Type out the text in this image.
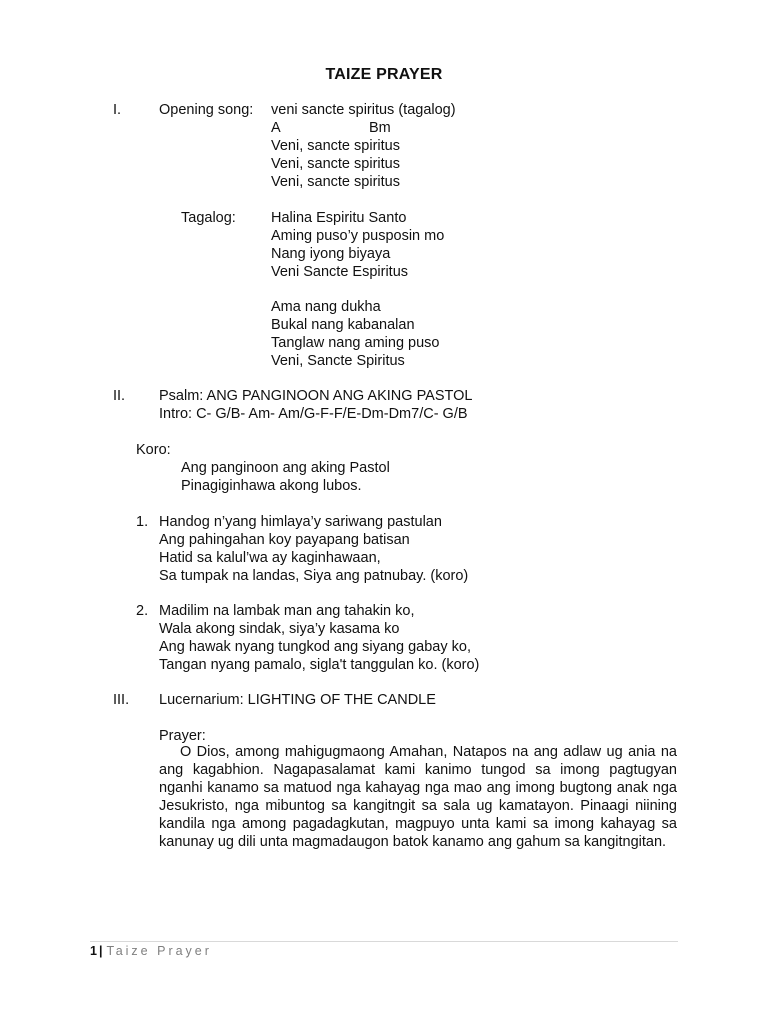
TAIZE PRAYER
I.	Opening song: veni sancte spiritus (tagalog)
A	Bm
Veni, sancte spiritus
Veni, sancte spiritus
Veni, sancte spiritus
Tagalog: Halina Espiritu Santo
Aming puso’y pusposin mo
Nang iyong biyaya
Veni Sancte Espiritus
Ama nang dukha
Bukal nang kabanalan
Tanglaw nang aming puso
Veni, Sancte Spiritus
II. Psalm: ANG PANGINOON ANG AKING PASTOL
Intro: C- G/B- Am- Am/G-F-F/E-Dm-Dm7/C- G/B
Koro:
Ang panginoon ang aking Pastol
Pinagiginhawa akong lubos.
1. Handog n’yang himlaya’y sariwang pastulan
Ang pahingahan koy payapang batisan
Hatid sa kalul’wa ay kaginhawaan,
Sa tumpak na landas, Siya ang patnubay. (koro)
2. Madilim na lambak man ang tahakin ko,
Wala akong sindak, siya’y kasama ko
Ang hawak nyang tungkod ang siyang gabay ko,
Tangan nyang pamalo, sigla't tanggulan ko. (koro)
III. Lucernarium: LIGHTING OF THE CANDLE
Prayer:
O Dios, among mahigugmaong Amahan, Natapos na ang adlaw ug ania na ang kagabhion. Nagapasalamat kami kanimo tungod sa imong pagtugyan nganhi kanamo sa matuod nga kahayag nga mao ang imong bugtong anak nga Jesukristo, nga mibuntog sa kangitngit sa sala ug kamatayon. Pinaagi niining kandila nga among pagadagkutan, magpuyo unta kami sa imong kahayag sa kanunay ug dili unta magmadaugon batok kanamo ang gahum sa kangitngitan.
1 | Taize Prayer
